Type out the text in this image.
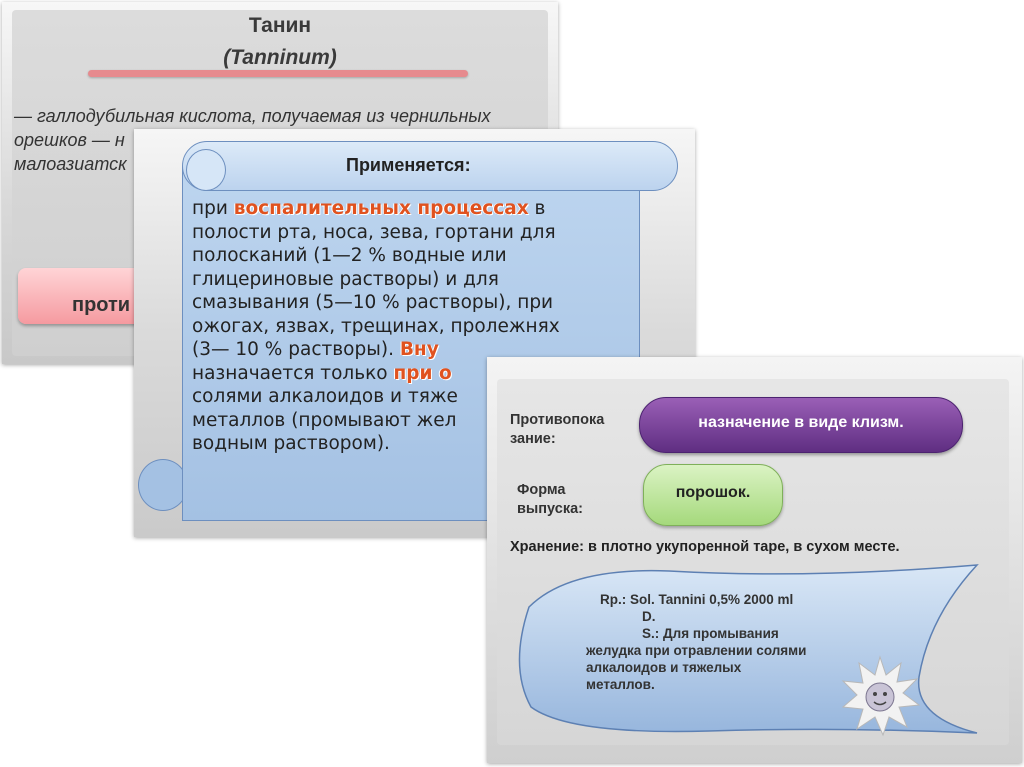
Танин
(Tanninum)
— галлодубильная кислота, получаемая из чернильных
орешков — н
малоазиатск
проти
Применяется:
при воспалительных процессах в
полости рта, носа, зева, гортани для
полосканий (1—2 % водные или
глицериновые растворы) и для
смазывания (5—10 % растворы), при
ожогах, язвах, трещинах, пролежнях
(3— 10 % растворы). Вну
назначается только при о
солями алкалоидов и тяже
металлов (промывают жел
водным раствором).
Противопока
зание:
назначение в виде клизм.
Форма
выпуска:
порошок.
Хранение: в плотно укупоренной таре, в сухом месте.
Rp.: Sol. Tannini 0,5% 2000 ml
D.
S.: Для промывания
желудка при отравлении солями
алкалоидов и тяжелых
металлов.
